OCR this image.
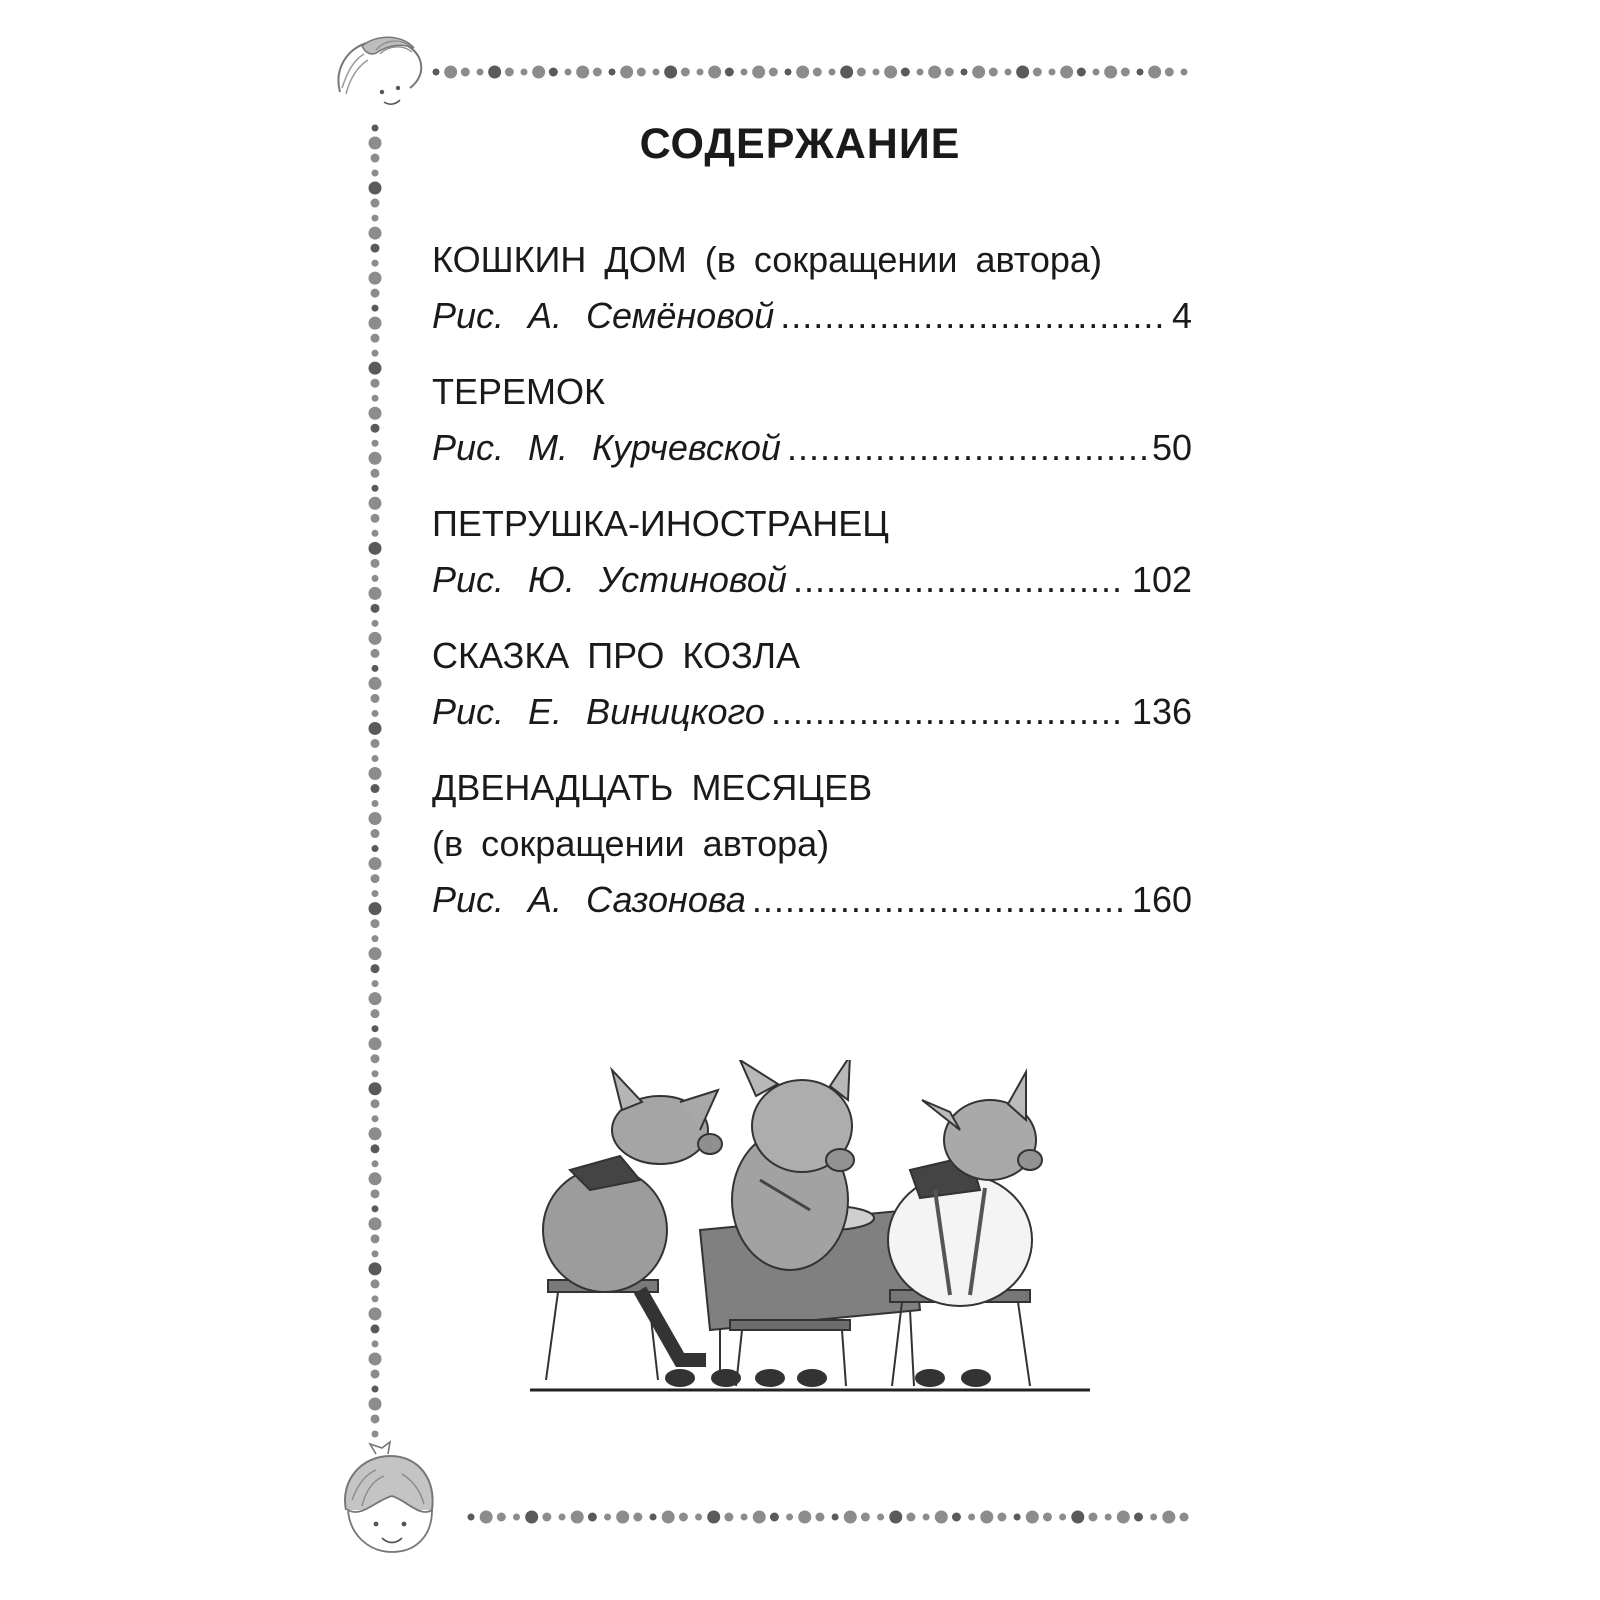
СОДЕРЖАНИЕ
КОШКИН ДОМ (в сокращении автора)
Рис. А. Семёновой .....	4
ТЕРЕМОК
Рис. М. Курчевской .....	50
ПЕТРУШКА-ИНОСТРАНЕЦ
Рис. Ю. Устиновой .....	102
СКАЗКА ПРО КОЗЛА
Рис. Е. Виницкого .....	136
ДВЕНАДЦАТЬ МЕСЯЦЕВ
(в сокращении автора)
Рис. А. Сазонова .....	160
